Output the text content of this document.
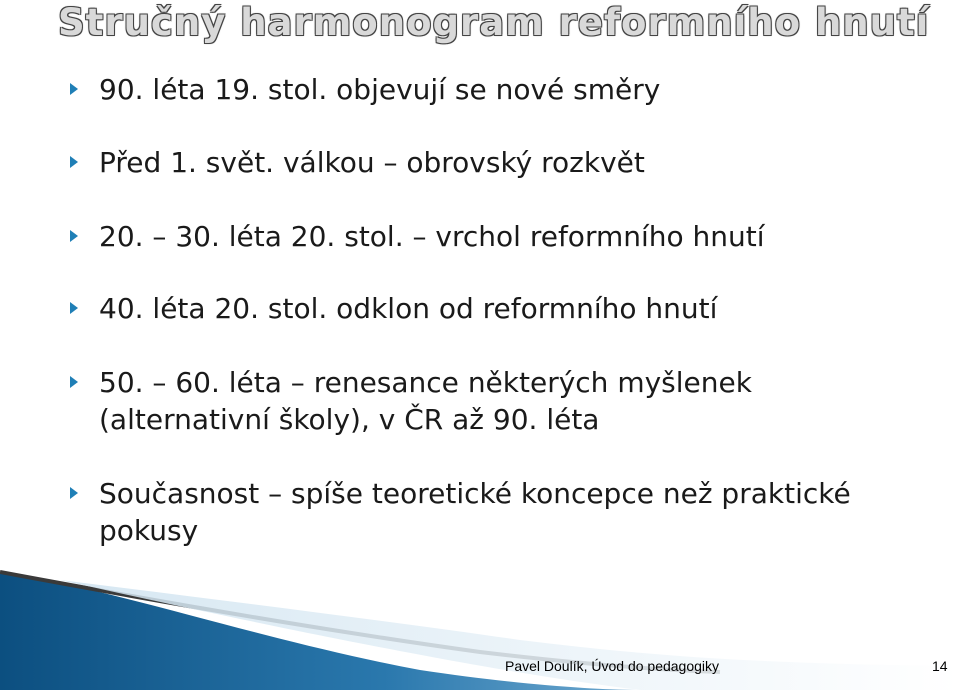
Stručný harmonogram reformního hnutí
90. léta 19. stol. objevují se nové směry
Před 1. svět. válkou – obrovský rozkvět
20. – 30. léta 20. stol. – vrchol reformního hnutí
40. léta 20. stol. odklon od reformního hnutí
50. – 60. léta – renesance některých myšlenek
(alternativní školy), v ČR až 90. léta
Současnost – spíše teoretické koncepce než praktické
pokusy
Pavel Doulík, Úvod do pedagogiky	14
